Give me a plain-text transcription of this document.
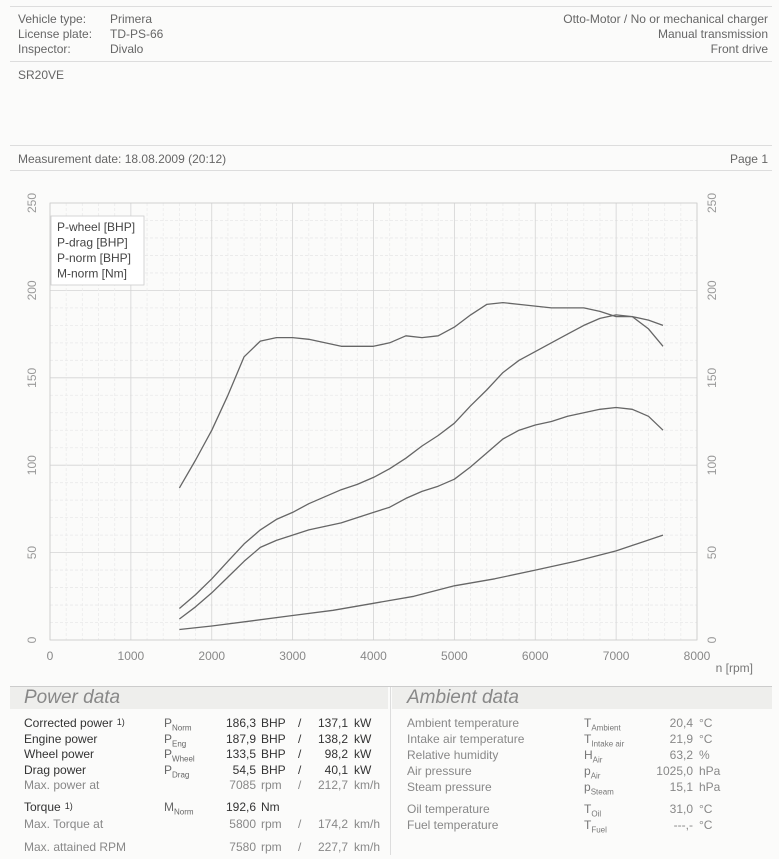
Vehicle type: Primera
License plate: TD-PS-66
Inspector:	Divalo
Otto-Motor / No or mechanical charger
Manual transmission
Front drive
SR20VE
Measurement date: 18.08.2009 (20:12)	Page 1
0	1000	2000	3000	4000	5000	6000	7000	8000
0	0
50	50
100	100
150	150
200	200
250	250
P-wheel [BHP]
P-drag [BHP]
P-norm [BHP]
M-norm [Nm]
n [rpm]
Power data	Ambient data
Corrected power 1)	$P_{Norm}$	186,3 BHP /	137,1 kW
Engine power	$P_{Eng}$	187,9 BHP /	138,2 kW
Wheel power	$P_{Wheel}$	133,5 BHP /	98,2 kW
Drag power	$P_{Drag}$	54,5 BHP /	40,1 kW
Max. power at	7085 rpm /	212,7 km/h
Torque 1)	$M_{Norm}$	192,6 Nm
Max. Torque at	5800 rpm /	174,2 km/h
Max. attained RPM	7580 rpm /	227,7 km/h
Ambient temperature	$T_{Ambient}$	20,4 °C
Intake air temperature	$T_{Intake air}$	21,9 °C
Relative humidity	$H_{Air}$	63,2 %
Air pressure	$p_{Air}$	1025,0 hPa
Steam pressure	$p_{Steam}$	15,1 hPa
Oil temperature	$T_{Oil}$	31,0 °C
Fuel temperature	$T_{Fuel}$	---,- °C
